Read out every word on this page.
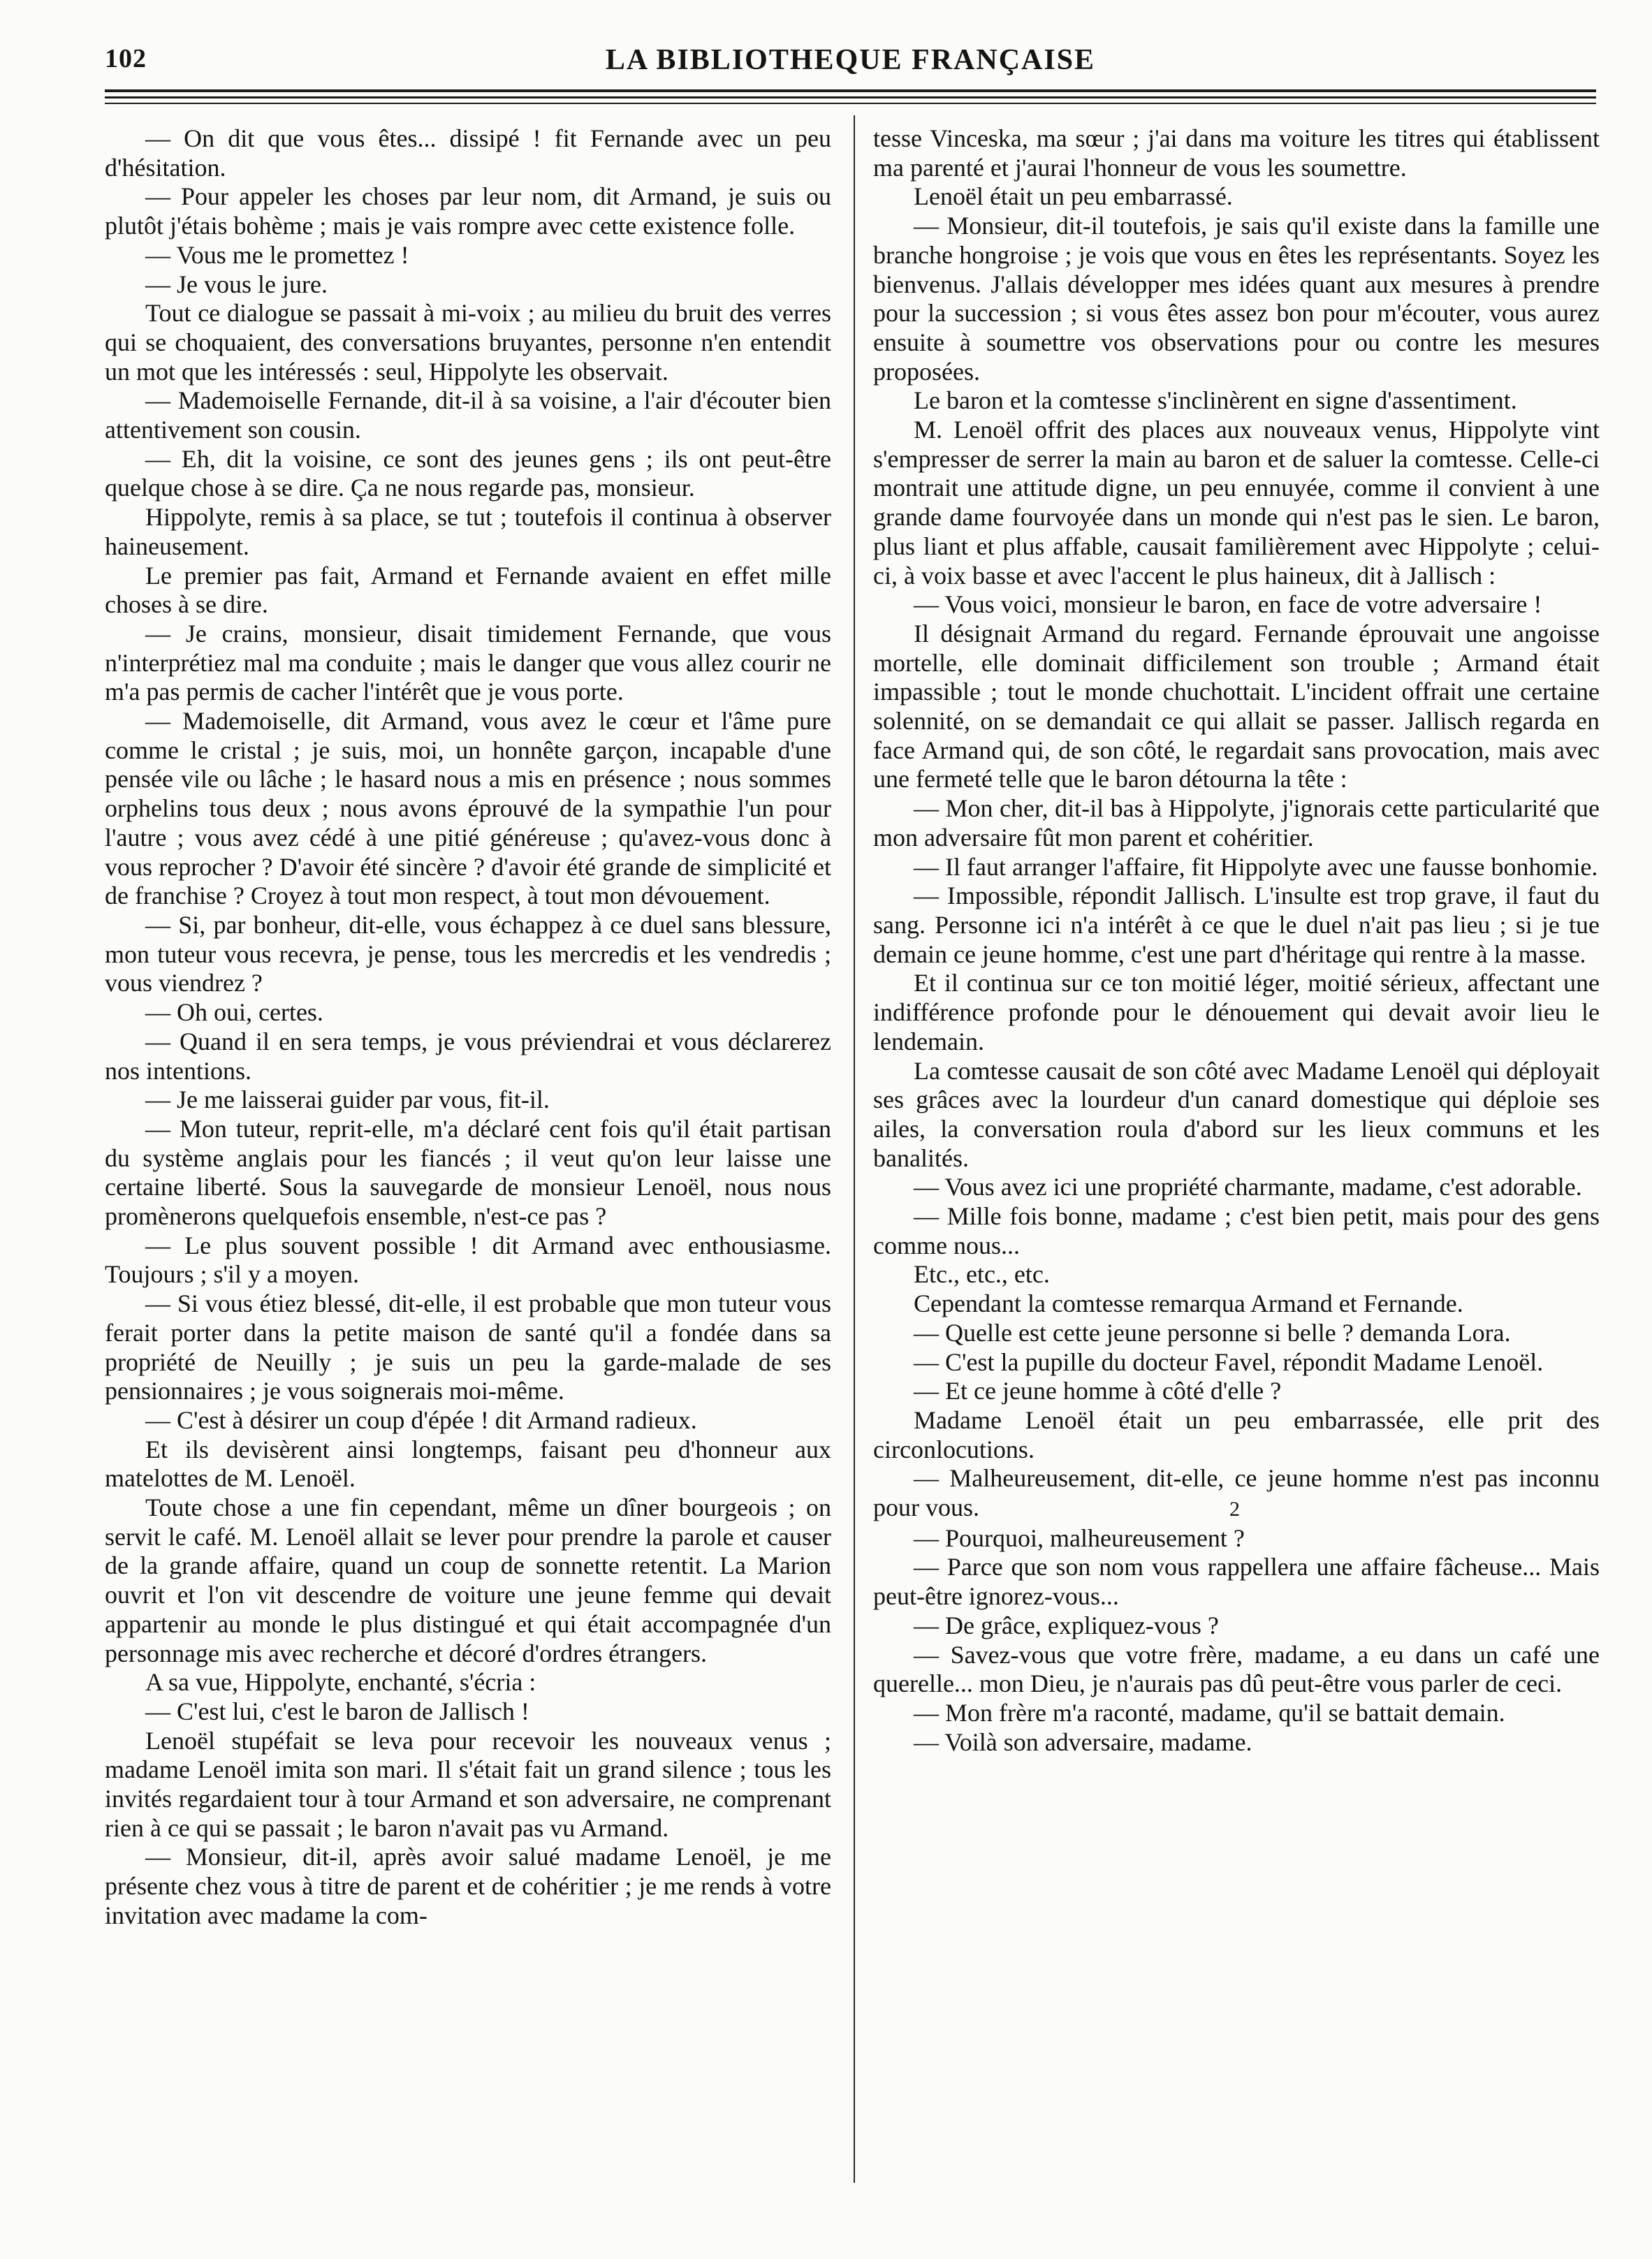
102	LA BIBLIOTHEQUE FRANÇAISE

— On dit que vous êtes... dissipé ! fit Fernande avec un peu d'hésitation.

— Pour appeler les choses par leur nom, dit Armand, je suis ou plutôt j'étais bohème ; mais je vais rompre avec cette existence folle.

— Vous me le promettez !

— Je vous le jure.

Tout ce dialogue se passait à mi-voix ; au milieu du bruit des verres qui se choquaient, des conversations bruyantes, personne n'en entendit un mot que les intéressés : seul, Hippolyte les observait.

— Mademoiselle Fernande, dit-il à sa voisine, a l'air d'écouter bien attentivement son cousin.

— Eh, dit la voisine, ce sont des jeunes gens ; ils ont peut-être quelque chose à se dire. Ça ne nous regarde pas, monsieur.

Hippolyte, remis à sa place, se tut ; toutefois il continua à observer haineusement.

Le premier pas fait, Armand et Fernande avaient en effet mille choses à se dire.

— Je crains, monsieur, disait timidement Fernande, que vous n'interprétiez mal ma conduite ; mais le danger que vous allez courir ne m'a pas permis de cacher l'intérêt que je vous porte.

— Mademoiselle, dit Armand, vous avez le cœur et l'âme pure comme le cristal ; je suis, moi, un honnête garçon, incapable d'une pensée vile ou lâche ; le hasard nous a mis en présence ; nous sommes orphelins tous deux ; nous avons éprouvé de la sympathie l'un pour l'autre ; vous avez cédé à une pitié généreuse ; qu'avez-vous donc à vous reprocher ? D'avoir été sincère ? d'avoir été grande de simplicité et de franchise ? Croyez à tout mon respect, à tout mon dévouement.

— Si, par bonheur, dit-elle, vous échappez à ce duel sans blessure, mon tuteur vous recevra, je pense, tous les mercredis et les vendredis ; vous viendrez ?

— Oh oui, certes.

— Quand il en sera temps, je vous préviendrai et vous déclarerez nos intentions.

— Je me laisserai guider par vous, fit-il.

— Mon tuteur, reprit-elle, m'a déclaré cent fois qu'il était partisan du système anglais pour les fiancés ; il veut qu'on leur laisse une certaine liberté. Sous la sauvegarde de monsieur Lenoël, nous nous promènerons quelquefois ensemble, n'est-ce pas ?

— Le plus souvent possible ! dit Armand avec enthousiasme. Toujours ; s'il y a moyen.

— Si vous étiez blessé, dit-elle, il est probable que mon tuteur vous ferait porter dans la petite maison de santé qu'il a fondée dans sa propriété de Neuilly ; je suis un peu la garde-malade de ses pensionnaires ; je vous soignerais moi-même.

— C'est à désirer un coup d'épée ! dit Armand radieux.

Et ils devisèrent ainsi longtemps, faisant peu d'honneur aux matelottes de M. Lenoël.

Toute chose a une fin cependant, même un dîner bourgeois ; on servit le café. M. Lenoël allait se lever pour prendre la parole et causer de la grande affaire, quand un coup de sonnette retentit. La Marion ouvrit et l'on vit descendre de voiture une jeune femme qui devait appartenir au monde le plus distingué et qui était accompagnée d'un personnage mis avec recherche et décoré d'ordres étrangers.

A sa vue, Hippolyte, enchanté, s'écria :

— C'est lui, c'est le baron de Jallisch !

Lenoël stupéfait se leva pour recevoir les nouveaux venus ; madame Lenoël imita son mari. Il s'était fait un grand silence ; tous les invités regardaient tour à tour Armand et son adversaire, ne comprenant rien à ce qui se passait ; le baron n'avait pas vu Armand.

— Monsieur, dit-il, après avoir salué madame Lenoël, je me présente chez vous à titre de parent et de cohéritier ; je me rends à votre invitation avec madame la com-

tesse Vinceska, ma sœur ; j'ai dans ma voiture les titres qui établissent ma parenté et j'aurai l'honneur de vous les soumettre.

Lenoël était un peu embarrassé.

— Monsieur, dit-il toutefois, je sais qu'il existe dans la famille une branche hongroise ; je vois que vous en êtes les représentants. Soyez les bienvenus. J'allais développer mes idées quant aux mesures à prendre pour la succession ; si vous êtes assez bon pour m'écouter, vous aurez ensuite à soumettre vos observations pour ou contre les mesures proposées.

Le baron et la comtesse s'inclinèrent en signe d'assentiment.

M. Lenoël offrit des places aux nouveaux venus, Hippolyte vint s'empresser de serrer la main au baron et de saluer la comtesse. Celle-ci montrait une attitude digne, un peu ennuyée, comme il convient à une grande dame fourvoyée dans un monde qui n'est pas le sien. Le baron, plus liant et plus affable, causait familièrement avec Hippolyte ; celui-ci, à voix basse et avec l'accent le plus haineux, dit à Jallisch :

— Vous voici, monsieur le baron, en face de votre adversaire !

Il désignait Armand du regard. Fernande éprouvait une angoisse mortelle, elle dominait difficilement son trouble ; Armand était impassible ; tout le monde chuchottait. L'incident offrait une certaine solennité, on se demandait ce qui allait se passer. Jallisch regarda en face Armand qui, de son côté, le regardait sans provocation, mais avec une fermeté telle que le baron détourna la tête :

— Mon cher, dit-il bas à Hippolyte, j'ignorais cette particularité que mon adversaire fût mon parent et cohéritier.

— Il faut arranger l'affaire, fit Hippolyte avec une fausse bonhomie.

— Impossible, répondit Jallisch. L'insulte est trop grave, il faut du sang. Personne ici n'a intérêt à ce que le duel n'ait pas lieu ; si je tue demain ce jeune homme, c'est une part d'héritage qui rentre à la masse.

Et il continua sur ce ton moitié léger, moitié sérieux, affectant une indifférence profonde pour le dénouement qui devait avoir lieu le lendemain.

La comtesse causait de son côté avec Madame Lenoël qui déployait ses grâces avec la lourdeur d'un canard domestique qui déploie ses ailes, la conversation roula d'abord sur les lieux communs et les banalités.

— Vous avez ici une propriété charmante, madame, c'est adorable.

— Mille fois bonne, madame ; c'est bien petit, mais pour des gens comme nous...

Etc., etc., etc.

Cependant la comtesse remarqua Armand et Fernande.

— Quelle est cette jeune personne si belle ? demanda Lora.

— C'est la pupille du docteur Favel, répondit Madame Lenoël.

— Et ce jeune homme à côté d'elle ?

Madame Lenoël était un peu embarrassée, elle prit des circonlocutions.

— Malheureusement, dit-elle, ce jeune homme n'est pas inconnu pour vous.	2

— Pourquoi, malheureusement ?

— Parce que son nom vous rappellera une affaire fâcheuse... Mais peut-être ignorez-vous...

— De grâce, expliquez-vous ?

— Savez-vous que votre frère, madame, a eu dans un café une querelle... mon Dieu, je n'aurais pas dû peut-être vous parler de ceci.

— Mon frère m'a raconté, madame, qu'il se battait demain.

— Voilà son adversaire, madame.
